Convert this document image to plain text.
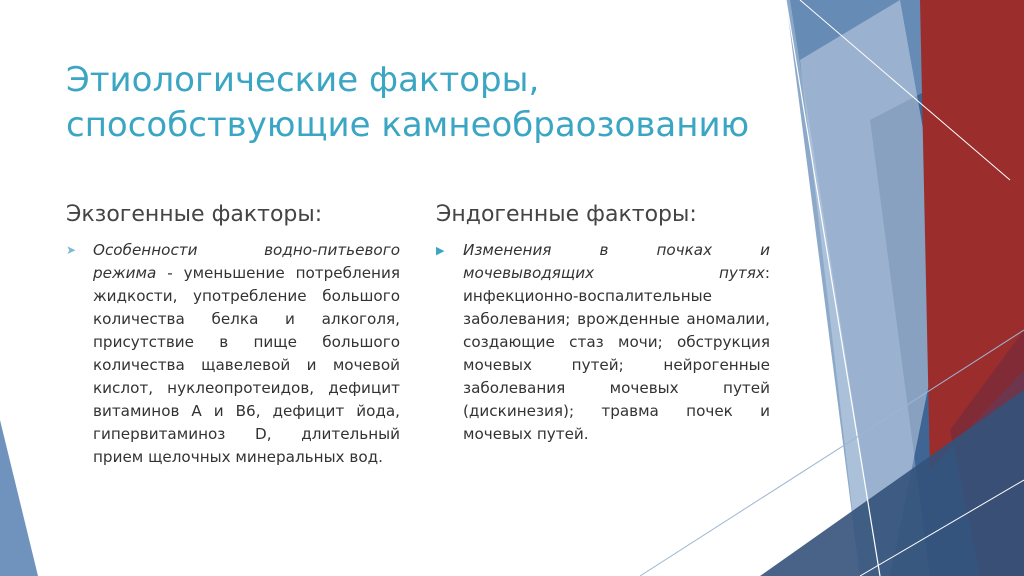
Этиологические факторы,
способствующие камнеобраозованию
Экзогенные факторы:
➤ Особенности водно-питьевого режима - уменьшение потребления жидкости, употребление большого количества белка и алкоголя, присутствие в пище большого количества щавелевой и мочевой кислот, нуклеопротеидов, дефицит витаминов А и В6, дефицит йода, гипервитаминоз D, длительный прием щелочных минеральных вод.
Эндогенные факторы:
▶ Изменения в почках и мочевыводящих путях: инфекционно-воспалительные заболевания; врожденные аномалии, создающие стаз мочи; обструкция мочевых путей; нейрогенные заболевания мочевых путей (дискинезия); травма почек и мочевых путей.
